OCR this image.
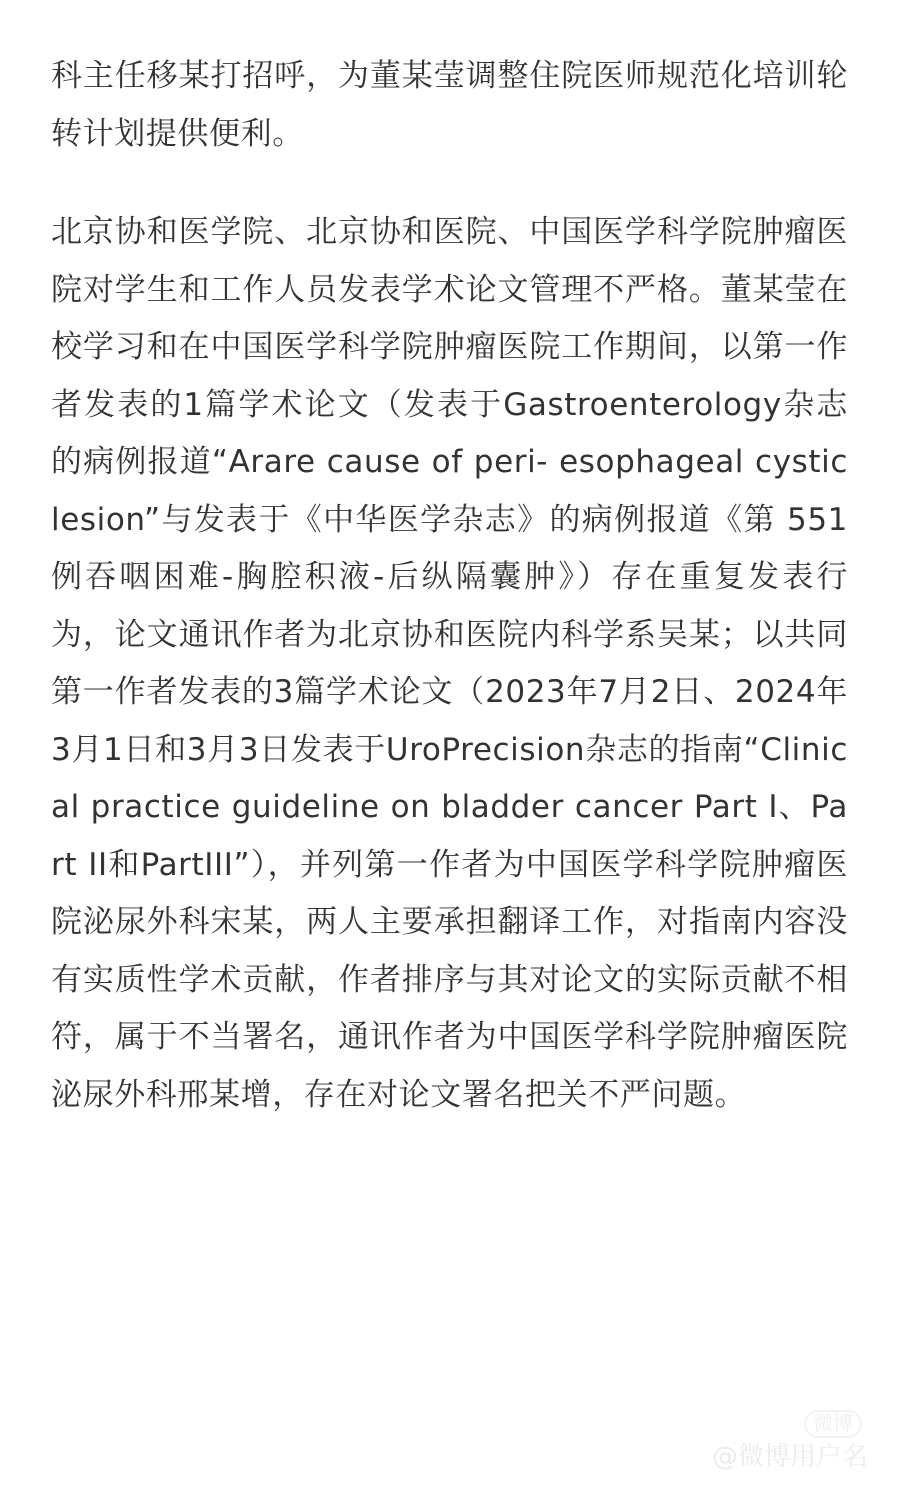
科主任移某打招呼，为董某莹调整住院医师规范化培训轮转计划提供便利。

北京协和医学院、北京协和医院、中国医学科学院肿瘤医院对学生和工作人员发表学术论文管理不严格。董某莹在校学习和在中国医学科学院肿瘤医院工作期间，以第一作者发表的1篇学术论文（发表于Gastroenterology杂志的病例报道“Arare cause of peri- esophageal cystic lesion”与发表于《中华医学杂志》的病例报道《第 551例吞咽困难-胸腔积液-后纵隔囊肿》）存在重复发表行为，论文通讯作者为北京协和医院内科学系吴某；以共同第一作者发表的3篇学术论文（2023年7月2日、2024年3月1日和3月3日发表于UroPrecision杂志的指南“Clinical practice guideline on bladder cancer Part I、Part II和PartIII”），并列第一作者为中国医学科学院肿瘤医院泌尿外科宋某，两人主要承担翻译工作，对指南内容没有实质性学术贡献，作者排序与其对论文的实际贡献不相符，属于不当署名，通讯作者为中国医学科学院肿瘤医院泌尿外科邢某增，存在对论文署名把关不严问题。

微博
@微博用户名
